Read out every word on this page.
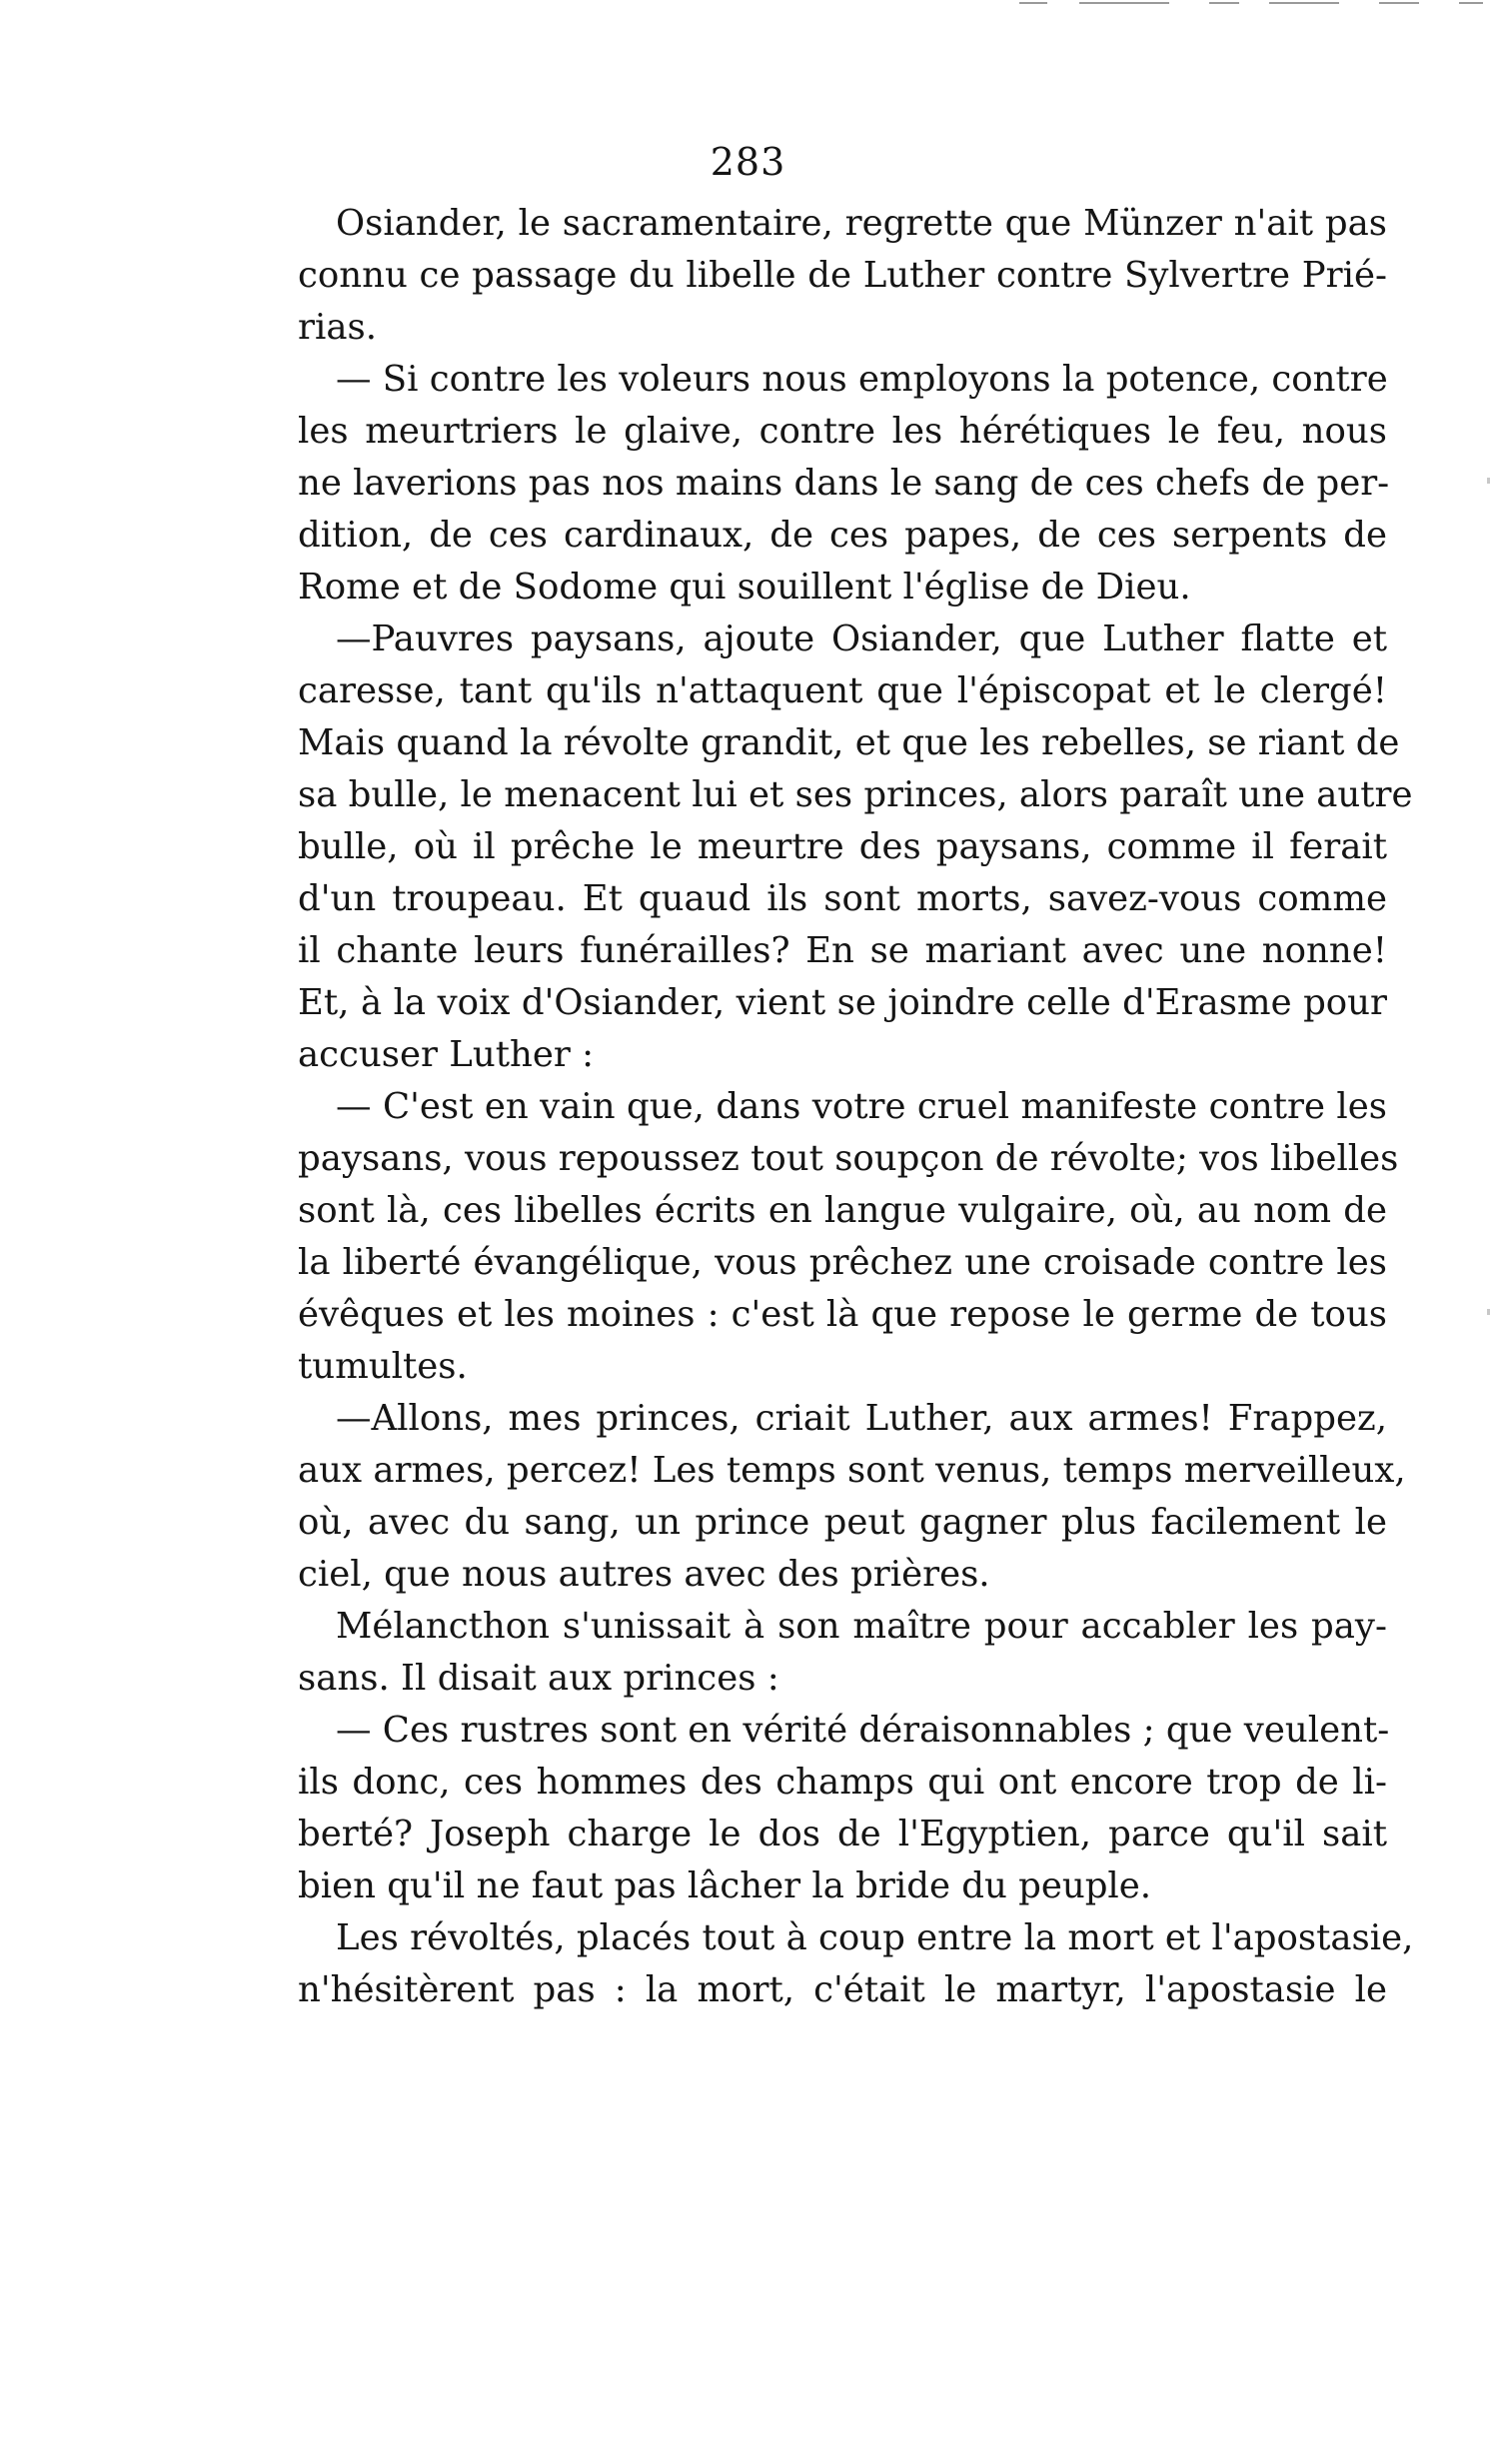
283
Osiander, le sacramentaire, regrette que Münzer n'ait pas
connu ce passage du libelle de Luther contre Sylvertre Prié-
rias.
— Si contre les voleurs nous employons la potence, contre
les meurtriers le glaive, contre les hérétiques le feu, nous
ne laverions pas nos mains dans le sang de ces chefs de per-
dition, de ces cardinaux, de ces papes, de ces serpents de
Rome et de Sodome qui souillent l'église de Dieu.
—Pauvres paysans, ajoute Osiander, que Luther flatte et
caresse, tant qu'ils n'attaquent que l'épiscopat et le clergé!
Mais quand la révolte grandit, et que les rebelles, se riant de
sa bulle, le menacent lui et ses princes, alors paraît une autre
bulle, où il prêche le meurtre des paysans, comme il ferait
d'un troupeau. Et quaud ils sont morts, savez-vous comme
il chante leurs funérailles? En se mariant avec une nonne!
Et, à la voix d'Osiander, vient se joindre celle d'Erasme pour
accuser Luther :
— C'est en vain que, dans votre cruel manifeste contre les
paysans, vous repoussez tout soupçon de révolte; vos libelles
sont là, ces libelles écrits en langue vulgaire, où, au nom de
la liberté évangélique, vous prêchez une croisade contre les
évêques et les moines : c'est là que repose le germe de tous
tumultes.
—Allons, mes princes, criait Luther, aux armes! Frappez,
aux armes, percez! Les temps sont venus, temps merveilleux,
où, avec du sang, un prince peut gagner plus facilement le
ciel, que nous autres avec des prières.
Mélancthon s'unissait à son maître pour accabler les pay-
sans. Il disait aux princes :
— Ces rustres sont en vérité déraisonnables ; que veulent-
ils donc, ces hommes des champs qui ont encore trop de li-
berté? Joseph charge le dos de l'Egyptien, parce qu'il sait
bien qu'il ne faut pas lâcher la bride du peuple.
Les révoltés, placés tout à coup entre la mort et l'apostasie,
n'hésitèrent pas : la mort, c'était le martyr, l'apostasie le
